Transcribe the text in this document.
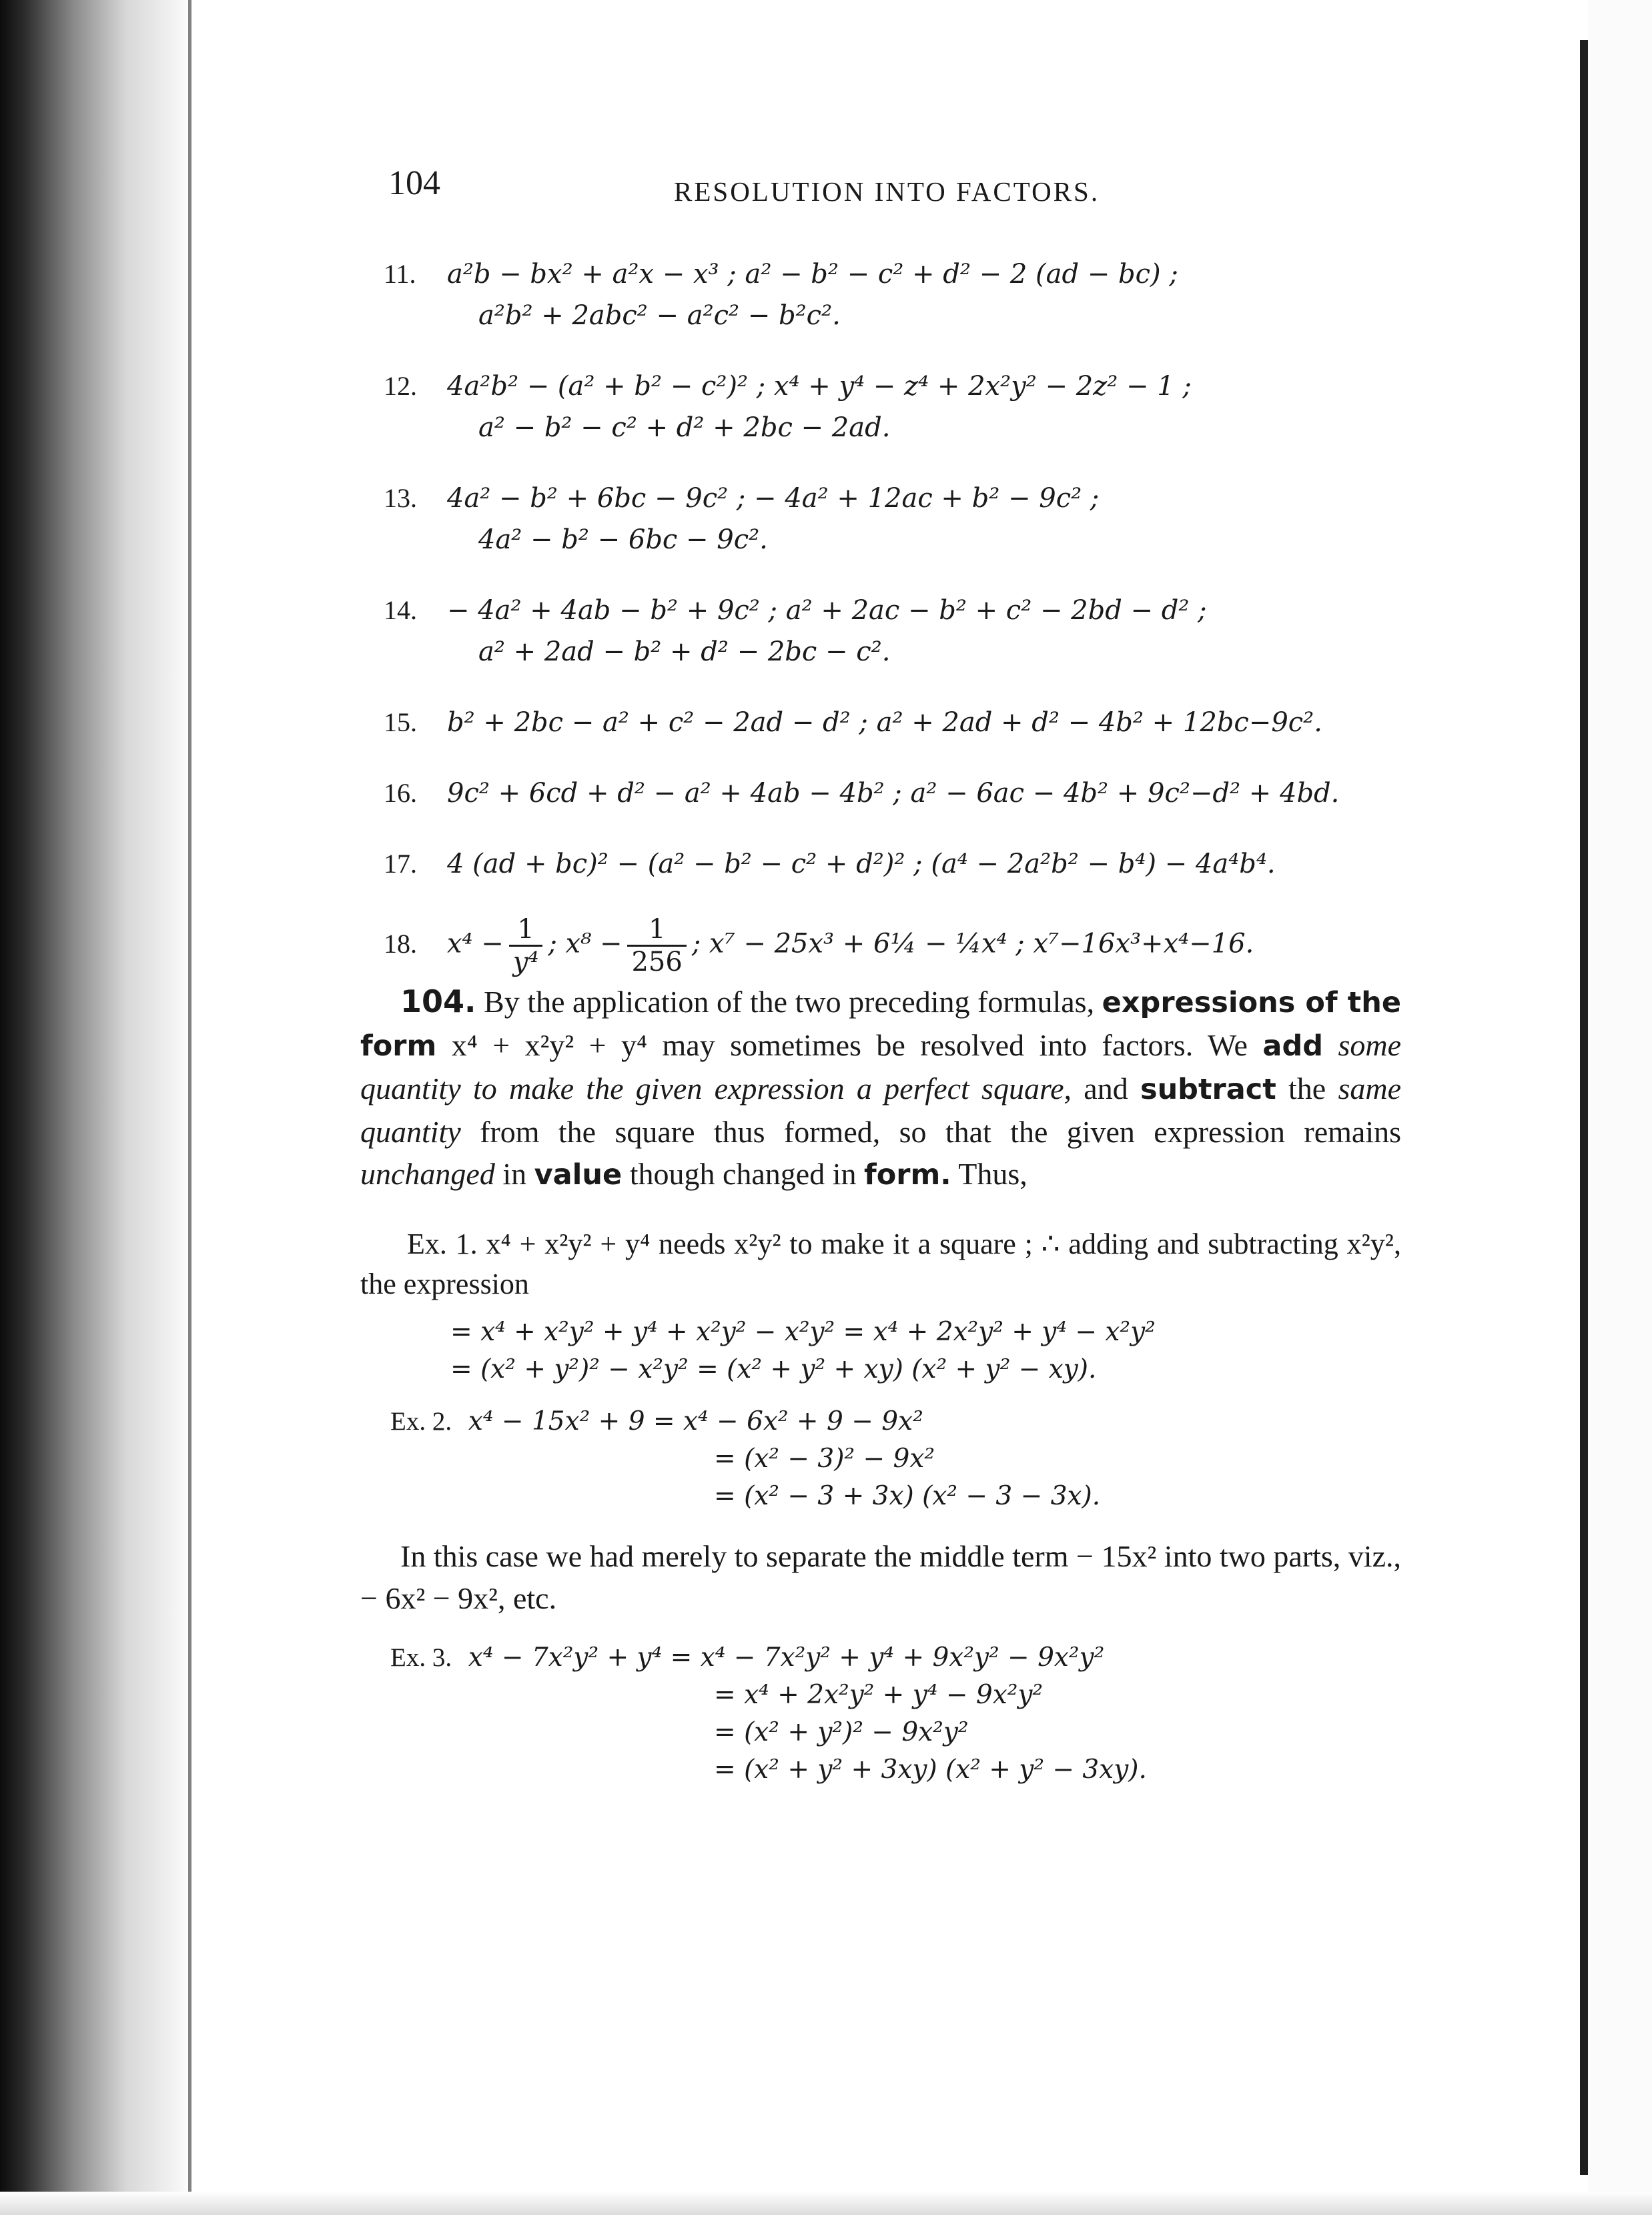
104	RESOLUTION INTO FACTORS.
11. a²b − bx² + a²x − x³ ; a² − b² − c² + d² − 2 (ad − bc) ;
a²b² + 2abc² − a²c² − b²c².
12. 4a²b² − (a² + b² − c²)² ; x⁴ + y⁴ − z⁴ + 2x²y² − 2z² − 1 ;
a² − b² − c² + d² + 2bc − 2ad.
13. 4a² − b² + 6bc − 9c² ; − 4a² + 12ac + b² − 9c² ;
4a² − b² − 6bc − 9c².
14. − 4a² + 4ab − b² + 9c² ; a² + 2ac − b² + c² − 2bd − d² ;
a² + 2ad − b² + d² − 2bc − c².
15. b² + 2bc − a² + c² − 2ad − d² ; a² + 2ad + d² − 4b² + 12bc−9c².
16. 9c² + 6cd + d² − a² + 4ab − 4b² ; a² − 6ac − 4b² + 9c²−d² + 4bd.
17. 4 (ad + bc)² − (a² − b² − c² + d²)² ; (a⁴ − 2a²b² − b⁴) − 4a⁴b⁴.
18. $x^4 - \frac{1}{\text{y⁴}}$ ; $x^8 - \frac{1}{256}$ ; x⁷ − 25x³ + 6¼ − ¼x⁴ ; x⁷−16x³+x⁴−16.

104. By the application of the two preceding formulas, expressions of the form x⁴ + x²y² + y⁴ may sometimes be resolved into factors. We add some quantity to make the given expression a perfect square, and subtract the same quantity from the square thus formed, so that the given expression remains unchanged in value though changed in form. Thus,

Ex. 1. x⁴ + x²y² + y⁴ needs x²y² to make it a square ; ∴ adding and subtracting x²y², the expression

= x⁴ + x²y² + y⁴ + x²y² − x²y² = x⁴ + 2x²y² + y⁴ − x²y²
= (x² + y²)² − x²y² = (x² + y² + xy) (x² + y² − xy).
Ex. 2. x⁴ − 15x² + 9 = x⁴ − 6x² + 9 − 9x²
= (x² − 3)² − 9x²
= (x² − 3 + 3x) (x² − 3 − 3x).

In this case we had merely to separate the middle term − 15x² into two parts, viz., − 6x² − 9x², etc.

Ex. 3. x⁴ − 7x²y² + y⁴ = x⁴ − 7x²y² + y⁴ + 9x²y² − 9x²y²
= x⁴ + 2x²y² + y⁴ − 9x²y²
= (x² + y²)² − 9x²y²
= (x² + y² + 3xy) (x² + y² − 3xy).
